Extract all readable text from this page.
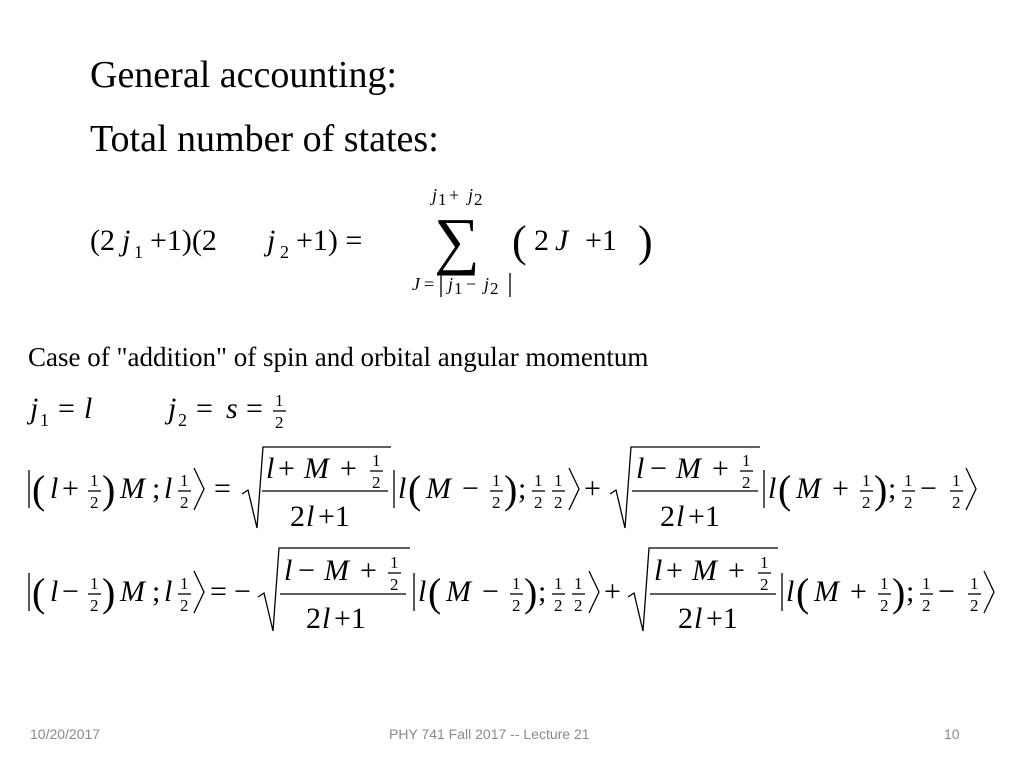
General accounting:
Total number of states:
(2 j 1 +1)(2 j 2 +1) =
j 1 + j 2
∑
J = j 1 − j 2
( 2 J +1 )
Case of "addition" of spin and orbital angular momentum
j 1 = l	j 2 = s = 1
2
( l + 1
2 ) M ; l 1
2 =
l + M + 1
2
2 l +1
l ( M − 1
2 ) ; 1
2
1
2 +
l − M + 1
2
2 l +1
l ( M + 1
2 ) ; 1
2 − 1
2
( l − 1
2 ) M ; l 1
2 = −
l − M + 1
2
2 l +1
l ( M − 1
2 ) ; 1
2
1
2 +
l + M + 1
2
2 l +1
l ( M + 1
2 ) ; 1
2 − 1
2
10/20/2017	PHY 741 Fall 2017 -- Lecture 21	10
